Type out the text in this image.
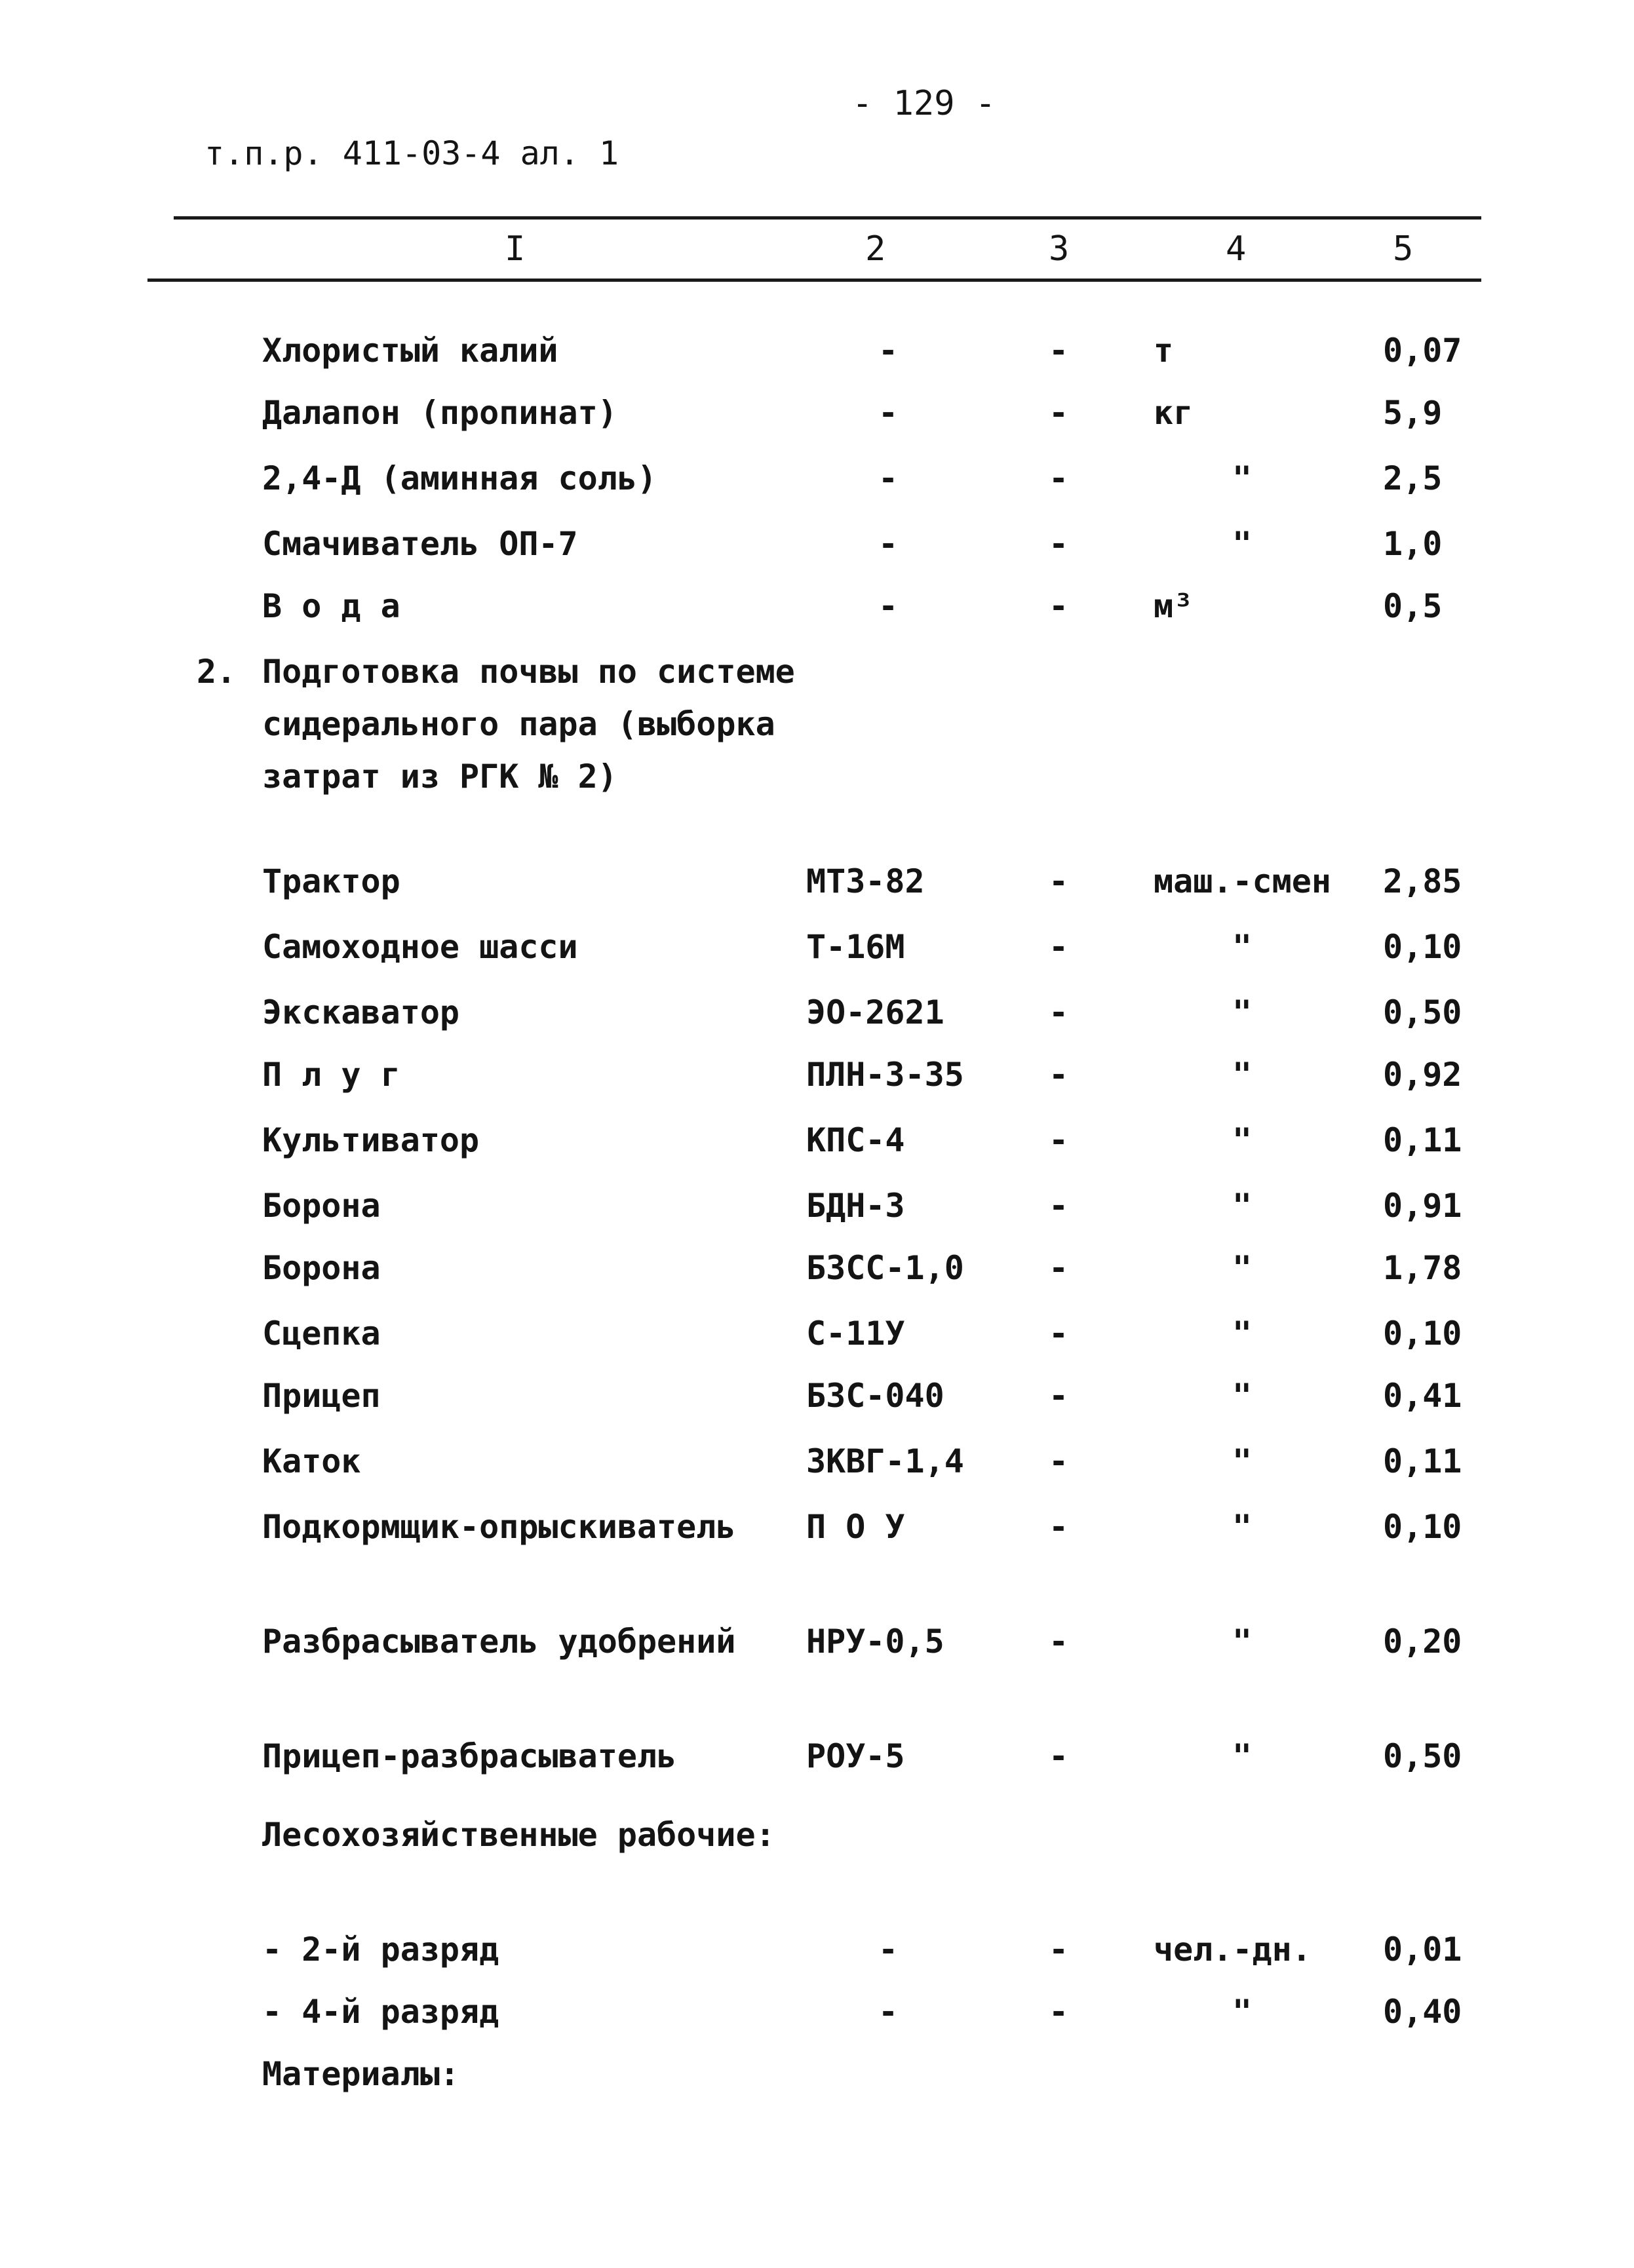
- 129 -
т.п.р. 411-03-4 ал. 1
I	2	3	4	5
Хлористый калий	-	-	т	0,07
Далапон (пропинат)	-	-	кг	5,9
2,4-Д (аминная соль)	-	-	"	2,5
Смачиватель ОП-7	-	-	"	1,0
В о д а	-	-	м³	0,5
2. Подготовка почвы по системе сидерального пара (выборка затрат из РГК № 2)
Трактор	МТЗ-82	-	маш.-смен 2,85
Самоходное шасси	Т-16М	-	"	0,10
Экскаватор	ЭО-2621	-	"	0,50
П л у г	ПЛН-3-35	-	"	0,92
Культиватор	КПС-4	-	"	0,11
Борона	БДН-3	-	"	0,91
Борона	БЗСС-1,0	-	"	1,78
Сцепка	С-11У	-	"	0,10
Прицеп	БЗС-040	-	"	0,41
Каток	ЗКВГ-1,4	-	"	0,11
Подкормщик-опрыскиватель	П О У	-	"	0,10
Разбрасыватель удобрений	НРУ-0,5	-	"	0,20
Прицеп-разбрасыватель	РОУ-5	-	"	0,50
Лесохозяйственные рабочие:
- 2-й разряд	-	-	чел.-дн. 0,01
- 4-й разряд	-	-	"	0,40
Материалы:
